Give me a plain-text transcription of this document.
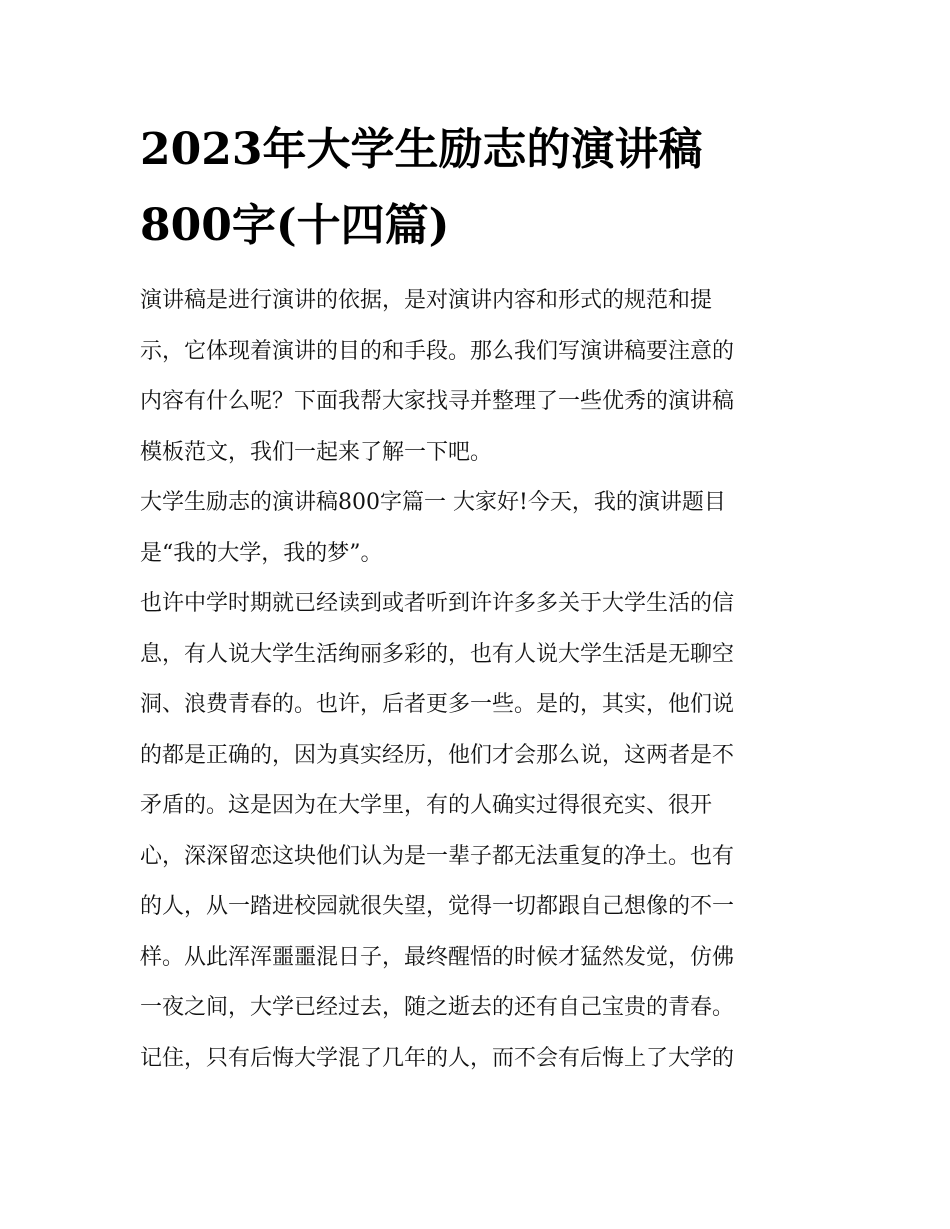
2023年大学生励志的演讲稿
800字(十四篇)

演讲稿是进行演讲的依据，是对演讲内容和形式的规范和提
示，它体现着演讲的目的和手段。那么我们写演讲稿要注意的
内容有什么呢？下面我帮大家找寻并整理了一些优秀的演讲稿
模板范文，我们一起来了解一下吧。

大学生励志的演讲稿800字篇一 大家好!今天，我的演讲题目
是“我的大学，我的梦”。

也许中学时期就已经读到或者听到许许多多关于大学生活的信
息，有人说大学生活绚丽多彩的，也有人说大学生活是无聊空
洞、浪费青春的。也许，后者更多一些。是的，其实，他们说
的都是正确的，因为真实经历，他们才会那么说，这两者是不
矛盾的。这是因为在大学里，有的人确实过得很充实、很开
心，深深留恋这块他们认为是一辈子都无法重复的净土。也有
的人，从一踏进校园就很失望，觉得一切都跟自己想像的不一
样。从此浑浑噩噩混日子，最终醒悟的时候才猛然发觉，仿佛
一夜之间，大学已经过去，随之逝去的还有自己宝贵的青春。
记住，只有后悔大学混了几年的人，而不会有后悔上了大学的
